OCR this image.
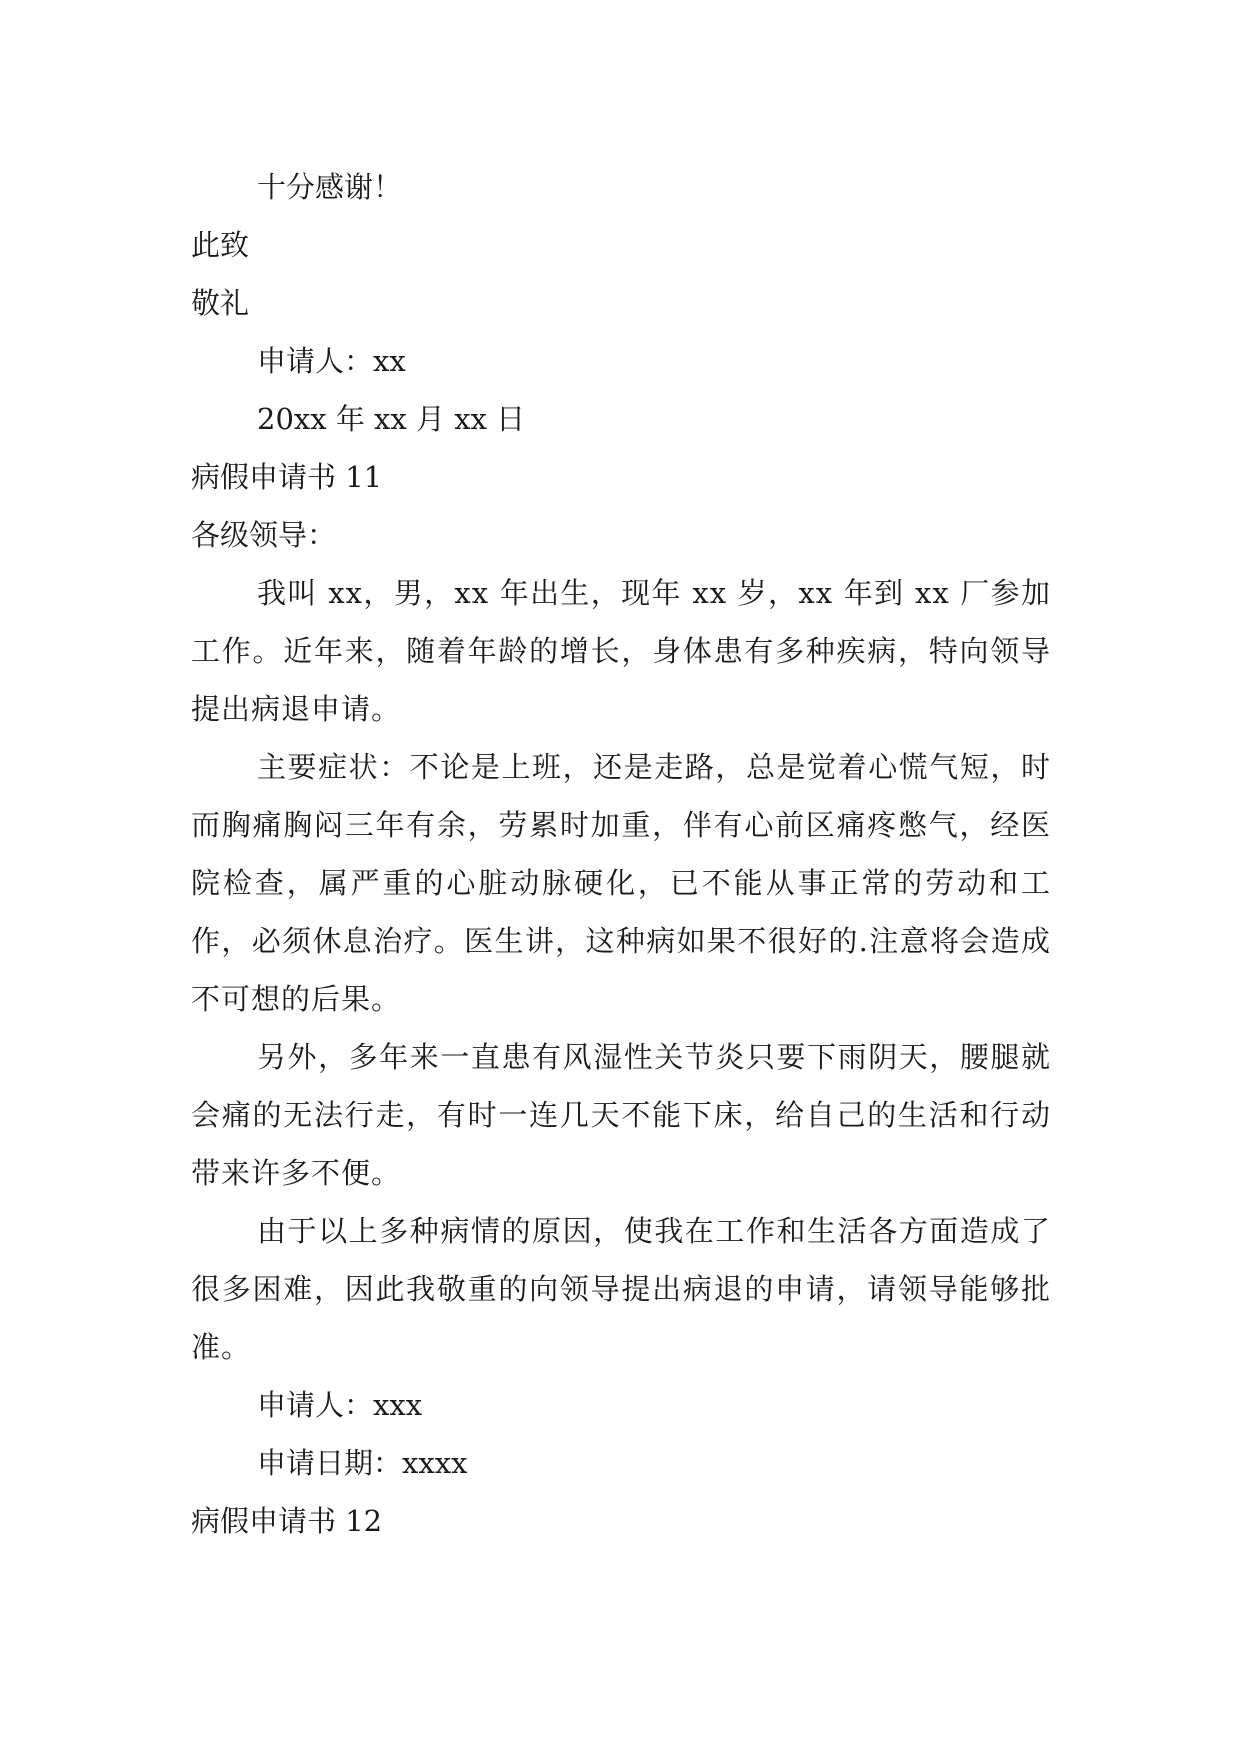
十分感谢！

此致

敬礼

申请人：xx

20xx 年 xx 月 xx 日

病假申请书 11

各级领导：

我叫 xx，男，xx 年出生，现年 xx 岁，xx 年到 xx 厂参加工作。近年来，随着年龄的增长，身体患有多种疾病，特向领导提出病退申请。

主要症状：不论是上班，还是走路，总是觉着心慌气短，时而胸痛胸闷三年有余，劳累时加重，伴有心前区痛疼憋气，经医院检查，属严重的心脏动脉硬化，已不能从事正常的劳动和工作，必须休息治疗。医生讲，这种病如果不很好的.注意将会造成不可想的后果。

另外，多年来一直患有风湿性关节炎只要下雨阴天，腰腿就会痛的无法行走，有时一连几天不能下床，给自己的生活和行动带来许多不便。

由于以上多种病情的原因，使我在工作和生活各方面造成了很多困难，因此我敬重的向领导提出病退的申请，请领导能够批准。

申请人：xxx

申请日期：xxxx

病假申请书 12
